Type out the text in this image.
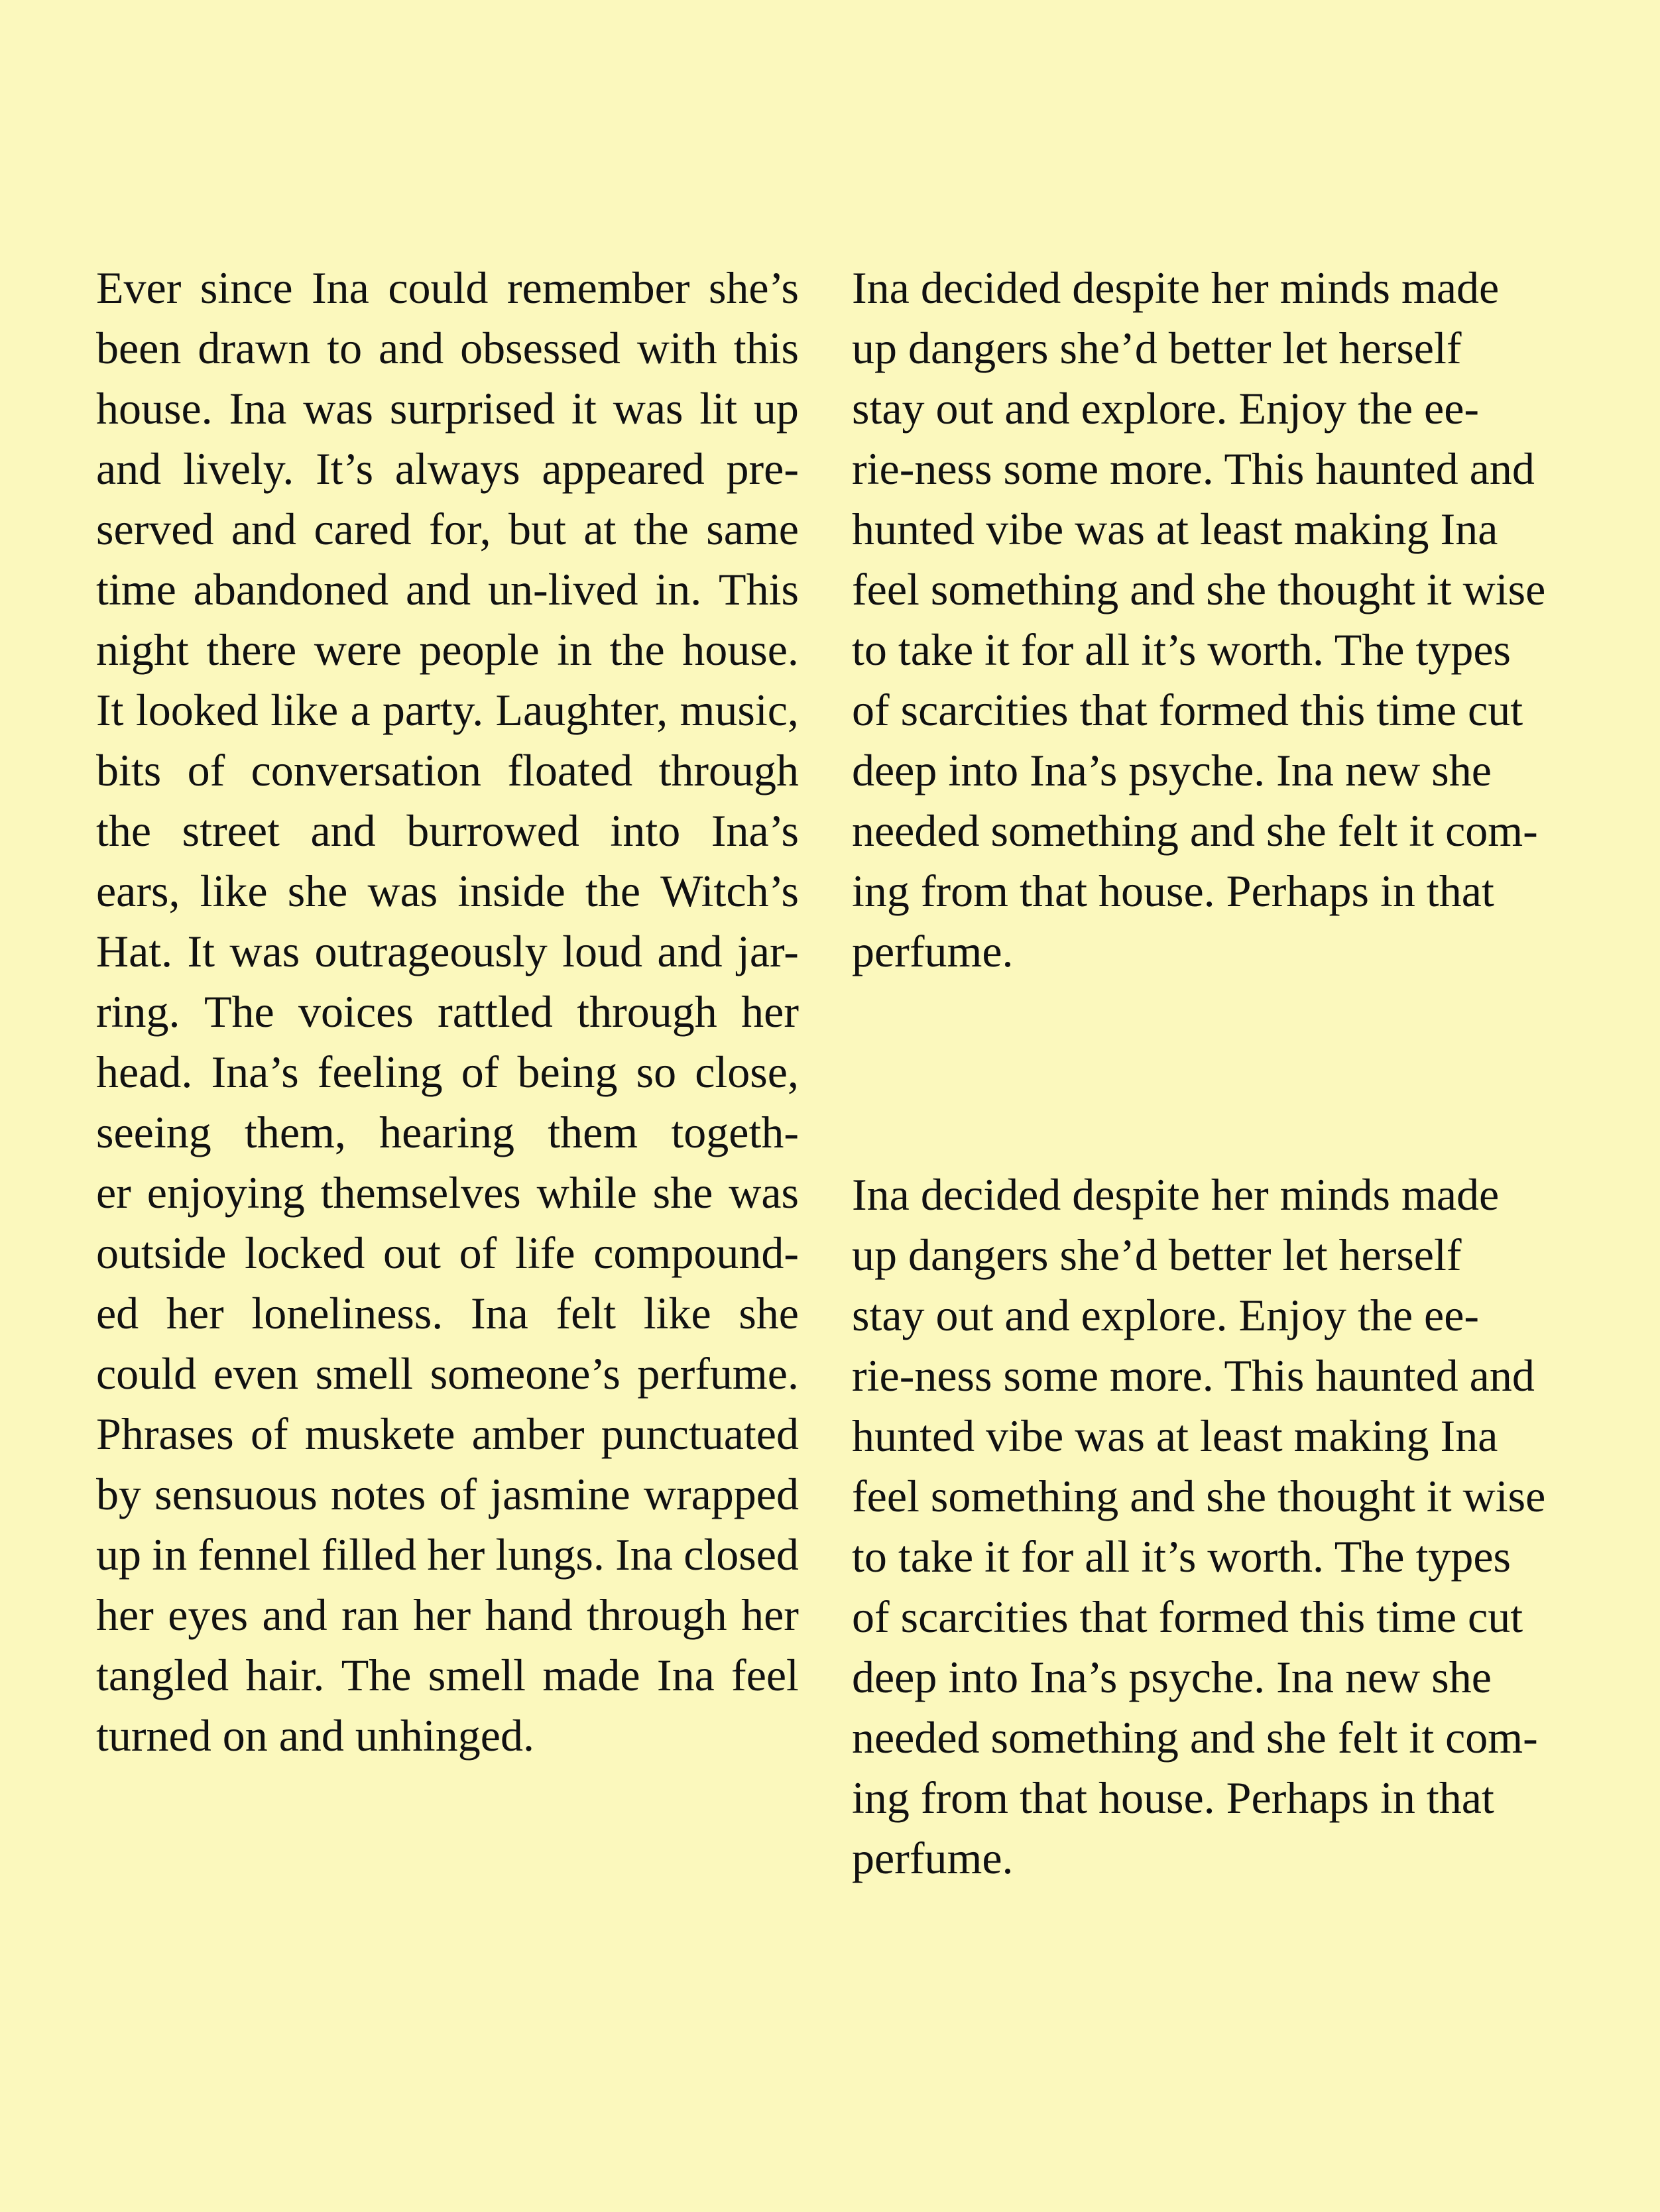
Ever since Ina could remember she’s
been drawn to and obsessed with this
house. Ina was surprised it was lit up
and lively. It’s always appeared pre-
served and cared for, but at the same
time abandoned and un-lived in. This
night there were people in the house.
It looked like a party. Laughter, music,
bits of conversation floated through
the street and burrowed into Ina’s
ears, like she was inside the Witch’s
Hat. It was outrageously loud and jar-
ring. The voices rattled through her
head. Ina’s feeling of being so close,
seeing them, hearing them togeth-
er enjoying themselves while she was
outside locked out of life compound-
ed her loneliness. Ina felt like she
could even smell someone’s perfume.
Phrases of muskete amber punctuated
by sensuous notes of jasmine wrapped
up in fennel filled her lungs. Ina closed
her eyes and ran her hand through her
tangled hair. The smell made Ina feel
turned on and unhinged.
Ina decided despite her minds made
up dangers she’d better let herself
stay out and explore. Enjoy the ee-
rie-ness some more. This haunted and
hunted vibe was at least making Ina
feel something and she thought it wise
to take it for all it’s worth. The types
of scarcities that formed this time cut
deep into Ina’s psyche. Ina new she
needed something and she felt it com-
ing from that house. Perhaps in that
perfume.
Ina decided despite her minds made
up dangers she’d better let herself
stay out and explore. Enjoy the ee-
rie-ness some more. This haunted and
hunted vibe was at least making Ina
feel something and she thought it wise
to take it for all it’s worth. The types
of scarcities that formed this time cut
deep into Ina’s psyche. Ina new she
needed something and she felt it com-
ing from that house. Perhaps in that
perfume.
